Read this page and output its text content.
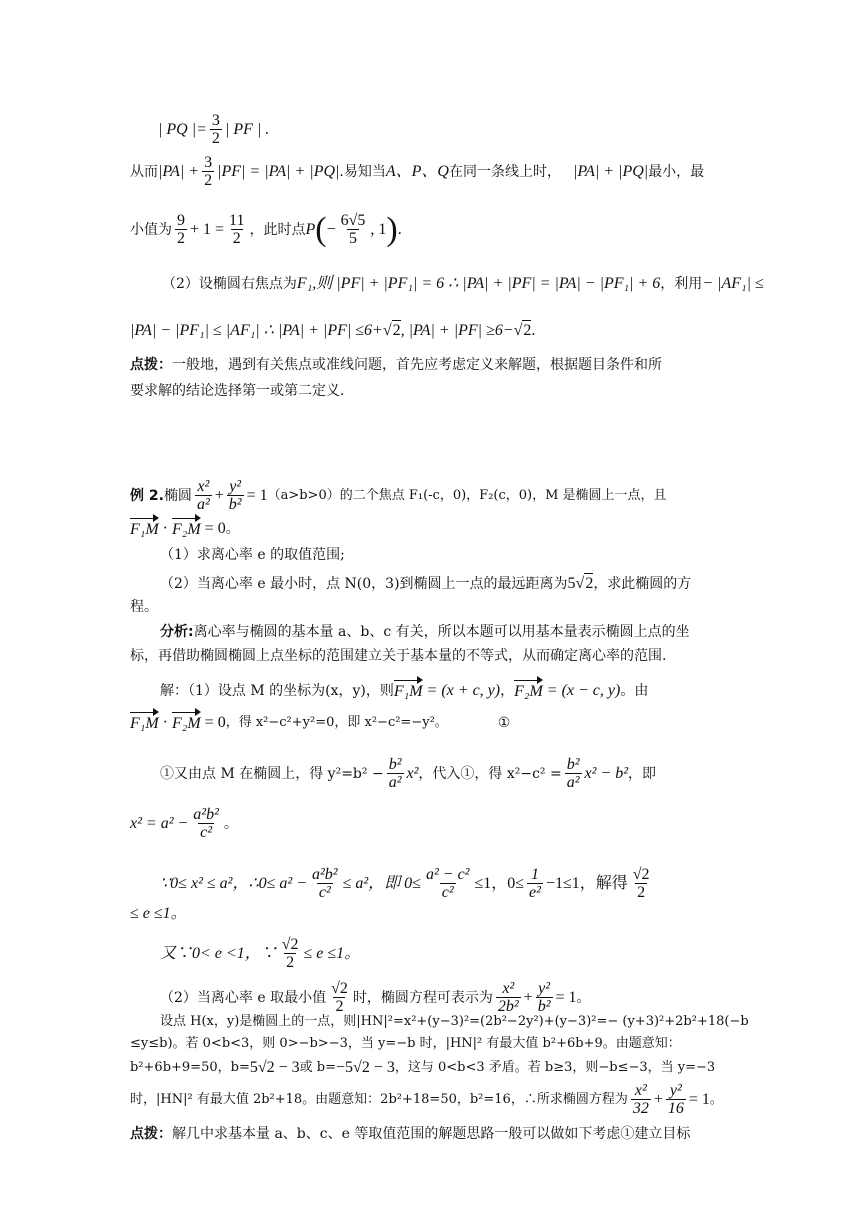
| PQ |= $\frac{3}{2}$ | PF | .
从而 $|PA| + \frac{3}{2} |PF| = |PA| + |PQ|$ .易知当 A、P、Q 在同一条线上时， |PA| + |PQ| 最小，最
小值为 $\frac{9}{2} + 1 = \frac{11}{2}$ ，此时点 P ( − $\frac{6√5}{5}$ , 1 ) .
（2）设椭圆右焦点为 F₁ ,则 |PF| + |PF₁| = 6 ∴ |PA| + |PF| = |PA| − |PF₁| + 6 ，利用 − |AF₁| ≤
|PA| − |PF₁| ≤ |AF₁| ∴ |PA| + |PF| ≤6+ √ 2 , |PA| + |PF| ≥6− √ 2 .
点拨：一般地，遇到有关焦点或准线问题，首先应考虑定义来解题，根据题目条件和所
要求解的结论选择第一或第二定义.
例 2. 椭圆 $\frac{\text{x²}}{\text{a²}} + \frac{\text{y²}}{\text{b²}} = 1$ （a>b>0）的二个焦点 F₁(-c，0)，F₂(c，0)，M 是椭圆上一点，且
F₁M · F₂M = 0 。
（1）求离心率 e 的取值范围;
（2）当离心率 e 最小时，点 N(0，3)到椭圆上一点的最远距离为 5 √ 2 ，求此椭圆的方
程。
分析:离心率与椭圆的基本量 a、b、c 有关，所以本题可以用基本量表示椭圆上点的坐
标，再借助椭圆椭圆上点坐标的范围建立关于基本量的不等式，从而确定离心率的范围.
解：（1）设点 M 的坐标为(x，y)，则 F₁M = (x + c, y) ， F₂M = (x − c, y) 。由
F₁M · F₂M = 0 ，得 x²−c²+y²=0，即 x²−c²=−y²。	①
①又由点 M 在椭圆上，得 $y^2=b^2 - \frac{\text{b²}}{\text{a²}} x^2$ ，代入①，得 $x^2-c^2 = \frac{\text{b²}}{\text{a²}} x^2 - b^2$ ，即
$x^2 = a^2 - \frac{\text{a²b²}}{\text{c²}}$ 。
∵0≤ x² ≤ a²，∴0≤ $a^2 - \frac{\text{a²b²}}{\text{c²}} \le a^2$，即 $0\le \frac{\text{a² − c²}}{\text{c²}} \le 1$，$0\le \frac{1}{\text{e²}} -1\le 1$，解得 $\frac{√2}{2}$
≤ e ≤1。
又∵0< e <1，∵ $\frac{√2}{2} \le e \le 1$。
（2）当离心率 e 取最小值 $\frac{√2}{2}$ 时，椭圆方程可表示为 $\frac{\text{x²}}{\text{2b²}} + \frac{\text{y²}}{\text{b²}} = 1$ 。
设点 H(x，y)是椭圆上的一点，则|HN|²=x²+(y−3)²=(2b²−2y²)+(y−3)²=− (y+3)²+2b²+18(−b
≤y≤b)。若 0<b<3，则 0>−b>−3，当 y=−b 时，|HN|² 有最大值 b²+6b+9。由题意知：
b²+6b+9=50，b= 5√2 − 3 或 b= −5√2 − 3 ，这与 0<b<3 矛盾。若 b≥3，则−b≤−3，当 y=−3
时，|HN|² 有最大值 2b²+18。由题意知：2b²+18=50，b²=16，∴所求椭圆方程为 $\frac{\text{x²}}{32} + \frac{\text{y²}}{16} = 1$ 。
点拨：解几中求基本量 a、b、c、e 等取值范围的解题思路一般可以做如下考虑①建立目标
